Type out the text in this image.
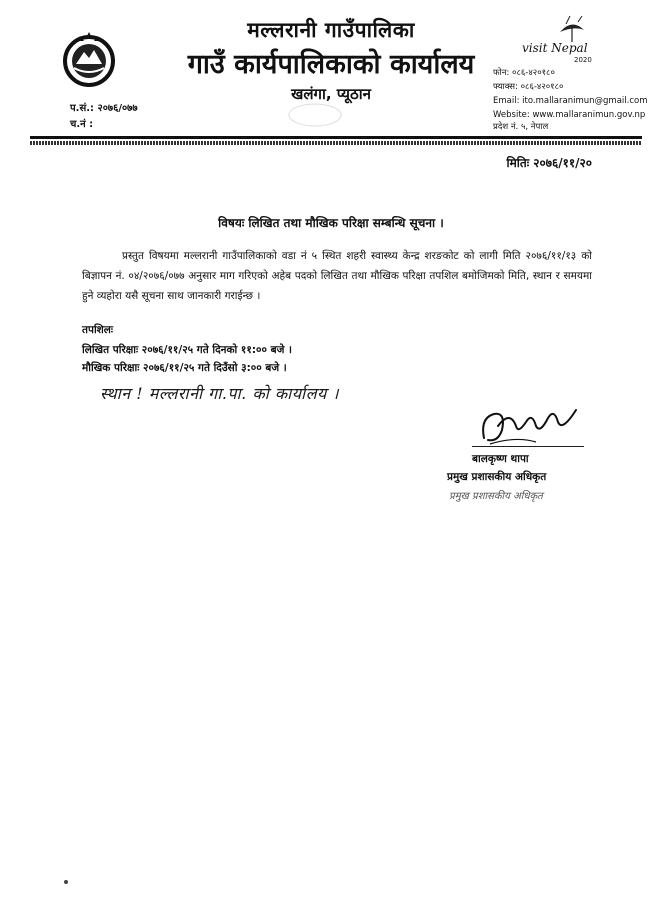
मल्लरानी गाउँपालिका
गाउँ कार्यपालिकाको कार्यालय
खलंगा, प्यूठान
प.सं.: २०७६/०७७
च.नं :
visit Nepal
2020
फोन: ०८६-४२०१८०
फ्याक्स: ०८६-४२०१८०
Email: ito.mallaranimun@gmail.com
Website: www.mallaranimun.gov.np
प्रदेश नं. ५, नेपाल
मितिः २०७६/११/२०
विषयः लिखित तथा मौखिक परिक्षा सम्बन्धि सूचना ।

प्रस्तुत विषयमा मल्लरानी गाउँपालिकाको वडा नं ५ स्थित शहरी स्वास्थ्य केन्द्र शरङकोट को लागी मिति २०७६/११/१३ को बिज्ञापन नं. ०४/२०७६/०७७ अनुसार माग गरिएको अहेब पदको लिखित तथा मौखिक परिक्षा तपशिल बमोजिमको मिति, स्थान र समयमा हुने व्यहोरा यसै सूचना साथ जानकारी गराईन्छ ।

तपशिलः
लिखित परिक्षाः २०७६/११/२५ गते दिनको ११:०० बजे ।
मौखिक परिक्षाः २०७६/११/२५ गते दिउँसो ३:०० बजे ।
स्थान ! मल्लरानी गा.पा. को कार्यालय ।
बालकृष्ण थापा
प्रमुख प्रशासकीय अधिकृत
प्रमुख प्रशासकीय अधिकृत
